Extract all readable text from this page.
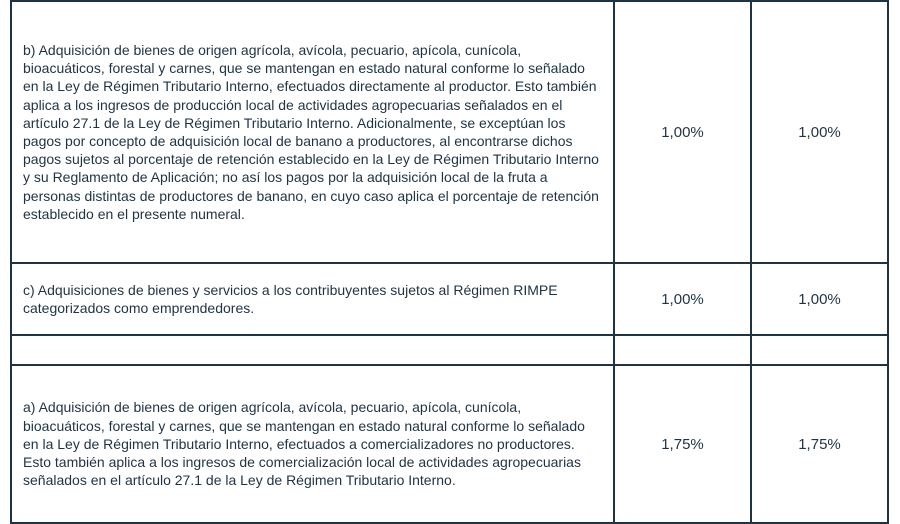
b) Adquisición de bienes de origen agrícola, avícola, pecuario, apícola, cunícola, bioacuáticos, forestal y carnes, que se mantengan en estado natural conforme lo señalado en la Ley de Régimen Tributario Interno, efectuados directamente al productor. Esto también aplica a los ingresos de producción local de actividades agropecuarias señalados en el artículo 27.1 de la Ley de Régimen Tributario Interno. Adicionalmente, se exceptúan los pagos por concepto de adquisición local de banano a productores, al encontrarse dichos pagos sujetos al porcentaje de retención establecido en la Ley de Régimen Tributario Interno y su Reglamento de Aplicación; no así los pagos por la adquisición local de la fruta a personas distintas de productores de banano, en cuyo caso aplica el porcentaje de retención establecido en el presente numeral.	1,00%	1,00%
c) Adquisiciones de bienes y servicios a los contribuyentes sujetos al Régimen RIMPE categorizados como emprendedores.	1,00%	1,00%

a) Adquisición de bienes de origen agrícola, avícola, pecuario, apícola, cunícola, bioacuáticos, forestal y carnes, que se mantengan en estado natural conforme lo señalado en la Ley de Régimen Tributario Interno, efectuados a comercializadores no productores. Esto también aplica a los ingresos de comercialización local de actividades agropecuarias señalados en el artículo 27.1 de la Ley de Régimen Tributario Interno.	1,75%	1,75%
